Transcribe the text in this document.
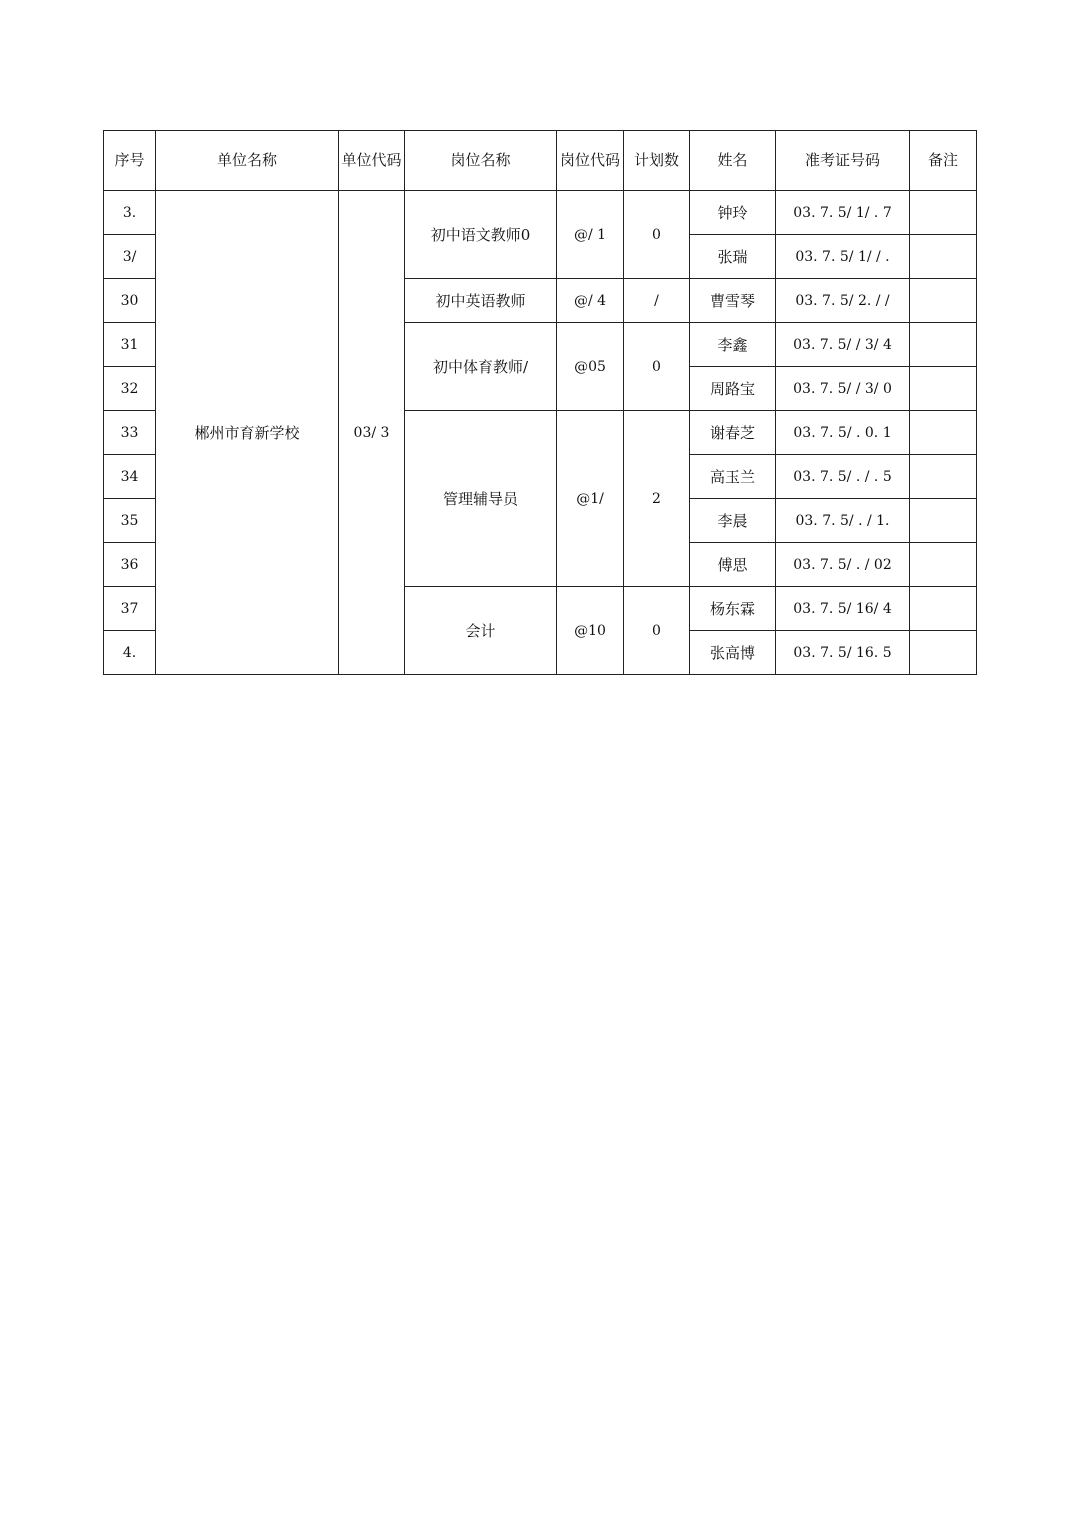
序号	单位名称	单位代码	岗位名称	岗位代码	计划数	姓名	准考证号码	备注
3.	郴州市育新学校	03/ 3	初中语文教师0	@/ 1	0	钟玲	03. 7. 5/ 1/ . 7	
3/						张瑞	03. 7. 5/ 1/ / .	
30			初中英语教师	@/ 4	/	曹雪琴	03. 7. 5/ 2. / /	
31			初中体育教师/	@05	0	李鑫	03. 7. 5/ / 3/ 4	
32						周路宝	03. 7. 5/ / 3/ 0	
33			管理辅导员	@1/	2	谢春芝	03. 7. 5/ . 0. 1	
34						高玉兰	03. 7. 5/ . / . 5	
35						李晨	03. 7. 5/ . / 1.	
36						傅思	03. 7. 5/ . / 02	
37			会计	@10	0	杨东霖	03. 7. 5/ 16/ 4	
4.						张高博	03. 7. 5/ 16. 5	
